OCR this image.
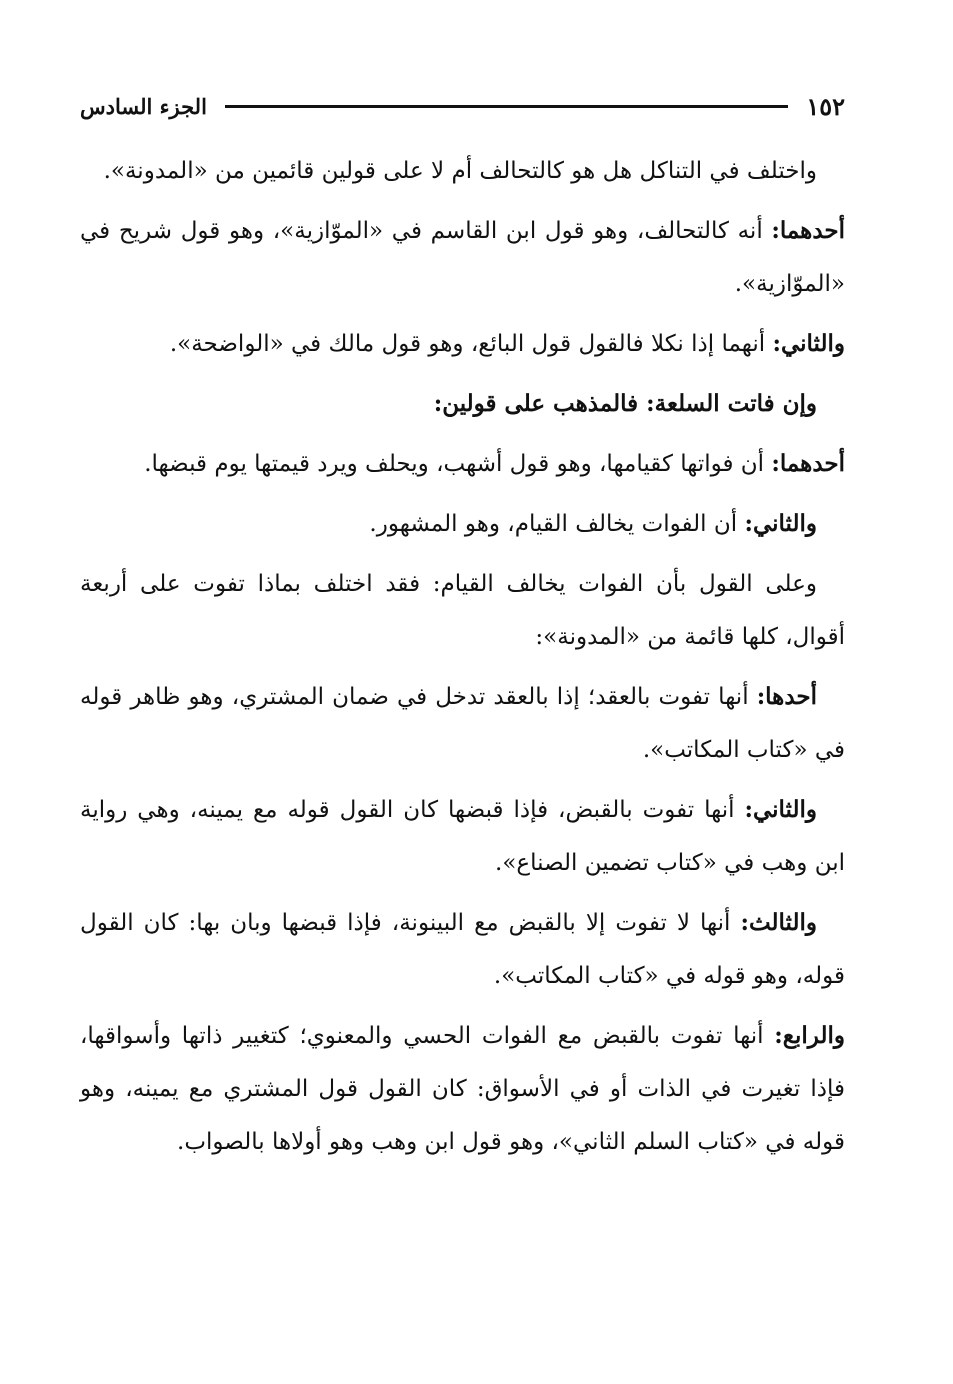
١٥٢
الجزء السادس

واختلف في التناكل هل هو كالتحالف أم لا على قولين قائمين من «المدونة».

أحدهما: أنه كالتحالف، وهو قول ابن القاسم في «الموّازية»، وهو قول شريح في «الموّازية».

والثاني: أنهما إذا نكلا فالقول قول البائع، وهو قول مالك في «الواضحة».

وإن فاتت السلعة: فالمذهب على قولين:

أحدهما: أن فواتها كقيامها، وهو قول أشهب، ويحلف ويرد قيمتها يوم قبضها.

والثاني: أن الفوات يخالف القيام، وهو المشهور.

وعلى القول بأن الفوات يخالف القيام: فقد اختلف بماذا تفوت على أربعة أقوال، كلها قائمة من «المدونة»:

أحدها: أنها تفوت بالعقد؛ إذا بالعقد تدخل في ضمان المشتري، وهو ظاهر قوله في «كتاب المكاتب».

والثاني: أنها تفوت بالقبض، فإذا قبضها كان القول قوله مع يمينه، وهي رواية ابن وهب في «كتاب تضمين الصناع».

والثالث: أنها لا تفوت إلا بالقبض مع البينونة، فإذا قبضها وبان بها: كان القول قوله، وهو قوله في «كتاب المكاتب».

والرابع: أنها تفوت بالقبض مع الفوات الحسي والمعنوي؛ كتغيير ذاتها وأسواقها، فإذا تغيرت في الذات أو في الأسواق: كان القول قول المشتري مع يمينه، وهو قوله في «كتاب السلم الثاني»، وهو قول ابن وهب وهو أولاها بالصواب.
